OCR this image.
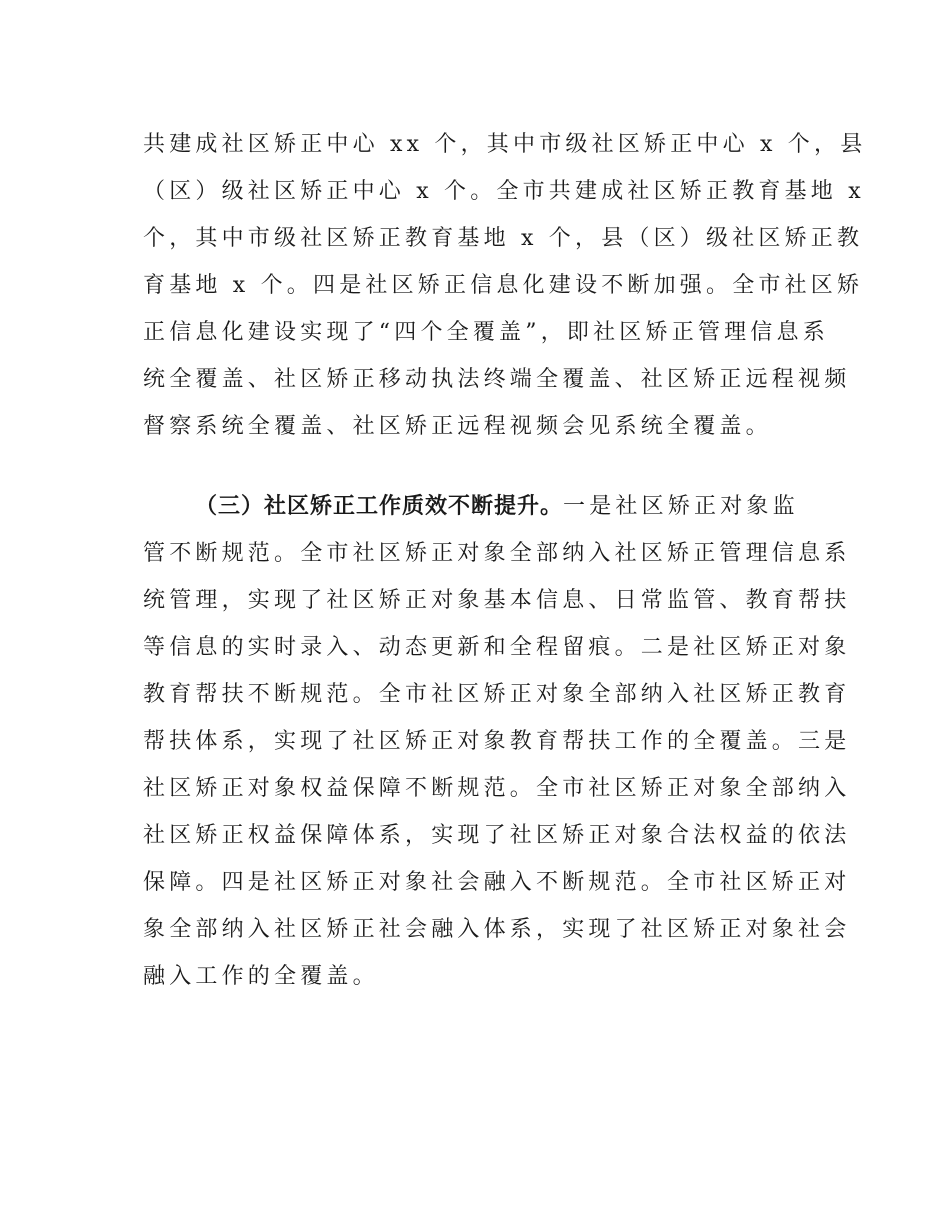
共建成社区矫正中心 xx 个，其中市级社区矫正中心 x 个，县
（区）级社区矫正中心 x 个。全市共建成社区矫正教育基地 x
个，其中市级社区矫正教育基地 x 个，县（区）级社区矫正教
育基地 x 个。四是社区矫正信息化建设不断加强。全市社区矫
正信息化建设实现了“四个全覆盖”，即社区矫正管理信息系
统全覆盖、社区矫正移动执法终端全覆盖、社区矫正远程视频
督察系统全覆盖、社区矫正远程视频会见系统全覆盖。
（三）社区矫正工作质效不断提升。一是社区矫正对象监
管不断规范。全市社区矫正对象全部纳入社区矫正管理信息系
统管理，实现了社区矫正对象基本信息、日常监管、教育帮扶
等信息的实时录入、动态更新和全程留痕。二是社区矫正对象
教育帮扶不断规范。全市社区矫正对象全部纳入社区矫正教育
帮扶体系，实现了社区矫正对象教育帮扶工作的全覆盖。三是
社区矫正对象权益保障不断规范。全市社区矫正对象全部纳入
社区矫正权益保障体系，实现了社区矫正对象合法权益的依法
保障。四是社区矫正对象社会融入不断规范。全市社区矫正对
象全部纳入社区矫正社会融入体系，实现了社区矫正对象社会
融入工作的全覆盖。
